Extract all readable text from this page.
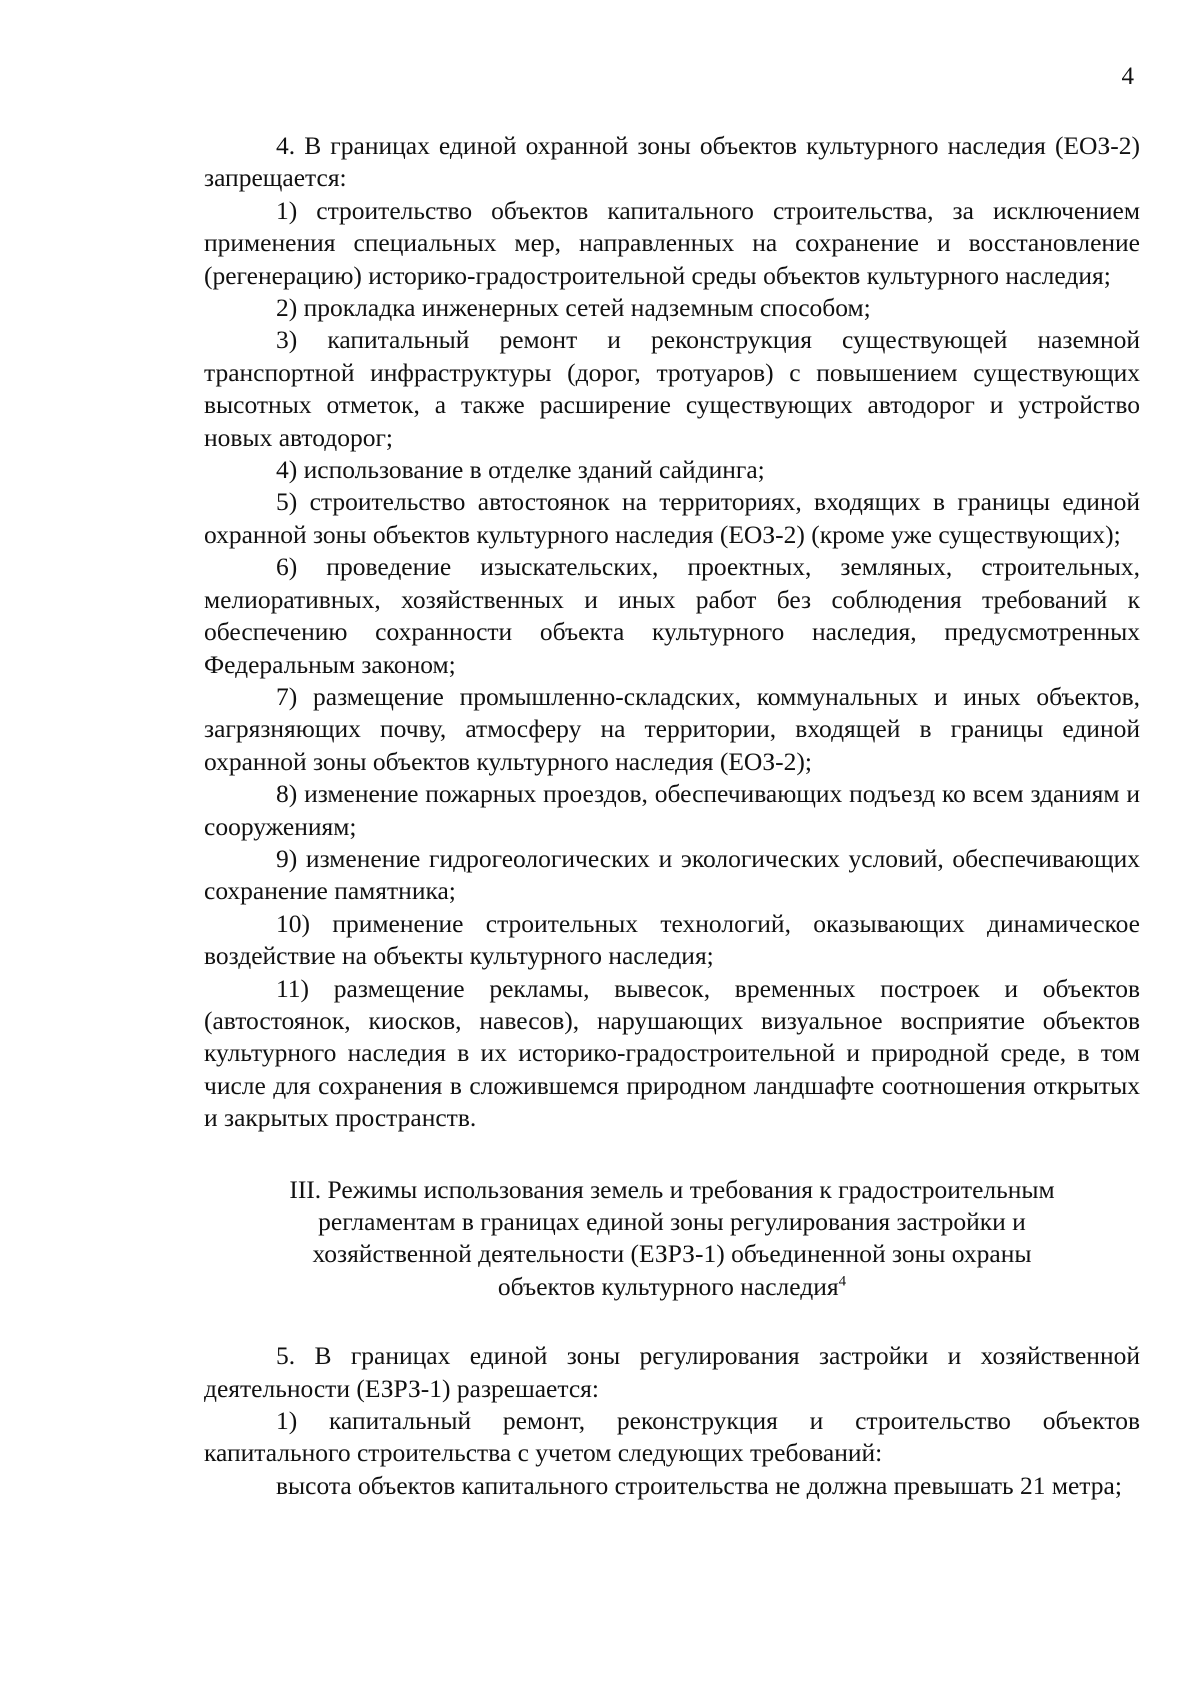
4

4. В границах единой охранной зоны объектов культурного наследия (ЕОЗ-2) запрещается:

1) строительство объектов капитального строительства, за исключением применения специальных мер, направленных на сохранение и восстановление (регенерацию) историко-градостроительной среды объектов культурного наследия;

2) прокладка инженерных сетей надземным способом;

3) капитальный ремонт и реконструкция существующей наземной транспортной инфраструктуры (дорог, тротуаров) с повышением существующих высотных отметок, а также расширение существующих автодорог и устройство новых автодорог;

4) использование в отделке зданий сайдинга;

5) строительство автостоянок на территориях, входящих в границы единой охранной зоны объектов культурного наследия (ЕОЗ-2) (кроме уже существующих);

6) проведение изыскательских, проектных, земляных, строительных, мелиоративных, хозяйственных и иных работ без соблюдения требований к обеспечению сохранности объекта культурного наследия, предусмотренных Федеральным законом;

7) размещение промышленно-складских, коммунальных и иных объектов, загрязняющих почву, атмосферу на территории, входящей в границы единой охранной зоны объектов культурного наследия (ЕОЗ-2);

8) изменение пожарных проездов, обеспечивающих подъезд ко всем зданиям и сооружениям;

9) изменение гидрогеологических и экологических условий, обеспечивающих сохранение памятника;

10) применение строительных технологий, оказывающих динамическое воздействие на объекты культурного наследия;

11) размещение рекламы, вывесок, временных построек и объектов (автостоянок, киосков, навесов), нарушающих визуальное восприятие объектов культурного наследия в их историко-градостроительной и природной среде, в том числе для сохранения в сложившемся природном ландшафте соотношения открытых и закрытых пространств.

III. Режимы использования земель и требования к градостроительным
регламентам в границах единой зоны регулирования застройки и
хозяйственной деятельности (ЕЗРЗ-1) объединенной зоны охраны
объектов культурного наследия$^4$

5. В границах единой зоны регулирования застройки и хозяйственной деятельности (ЕЗРЗ-1) разрешается:

1) капитальный ремонт, реконструкция и строительство объектов капитального строительства с учетом следующих требований:

высота объектов капитального строительства не должна превышать 21 метра;
